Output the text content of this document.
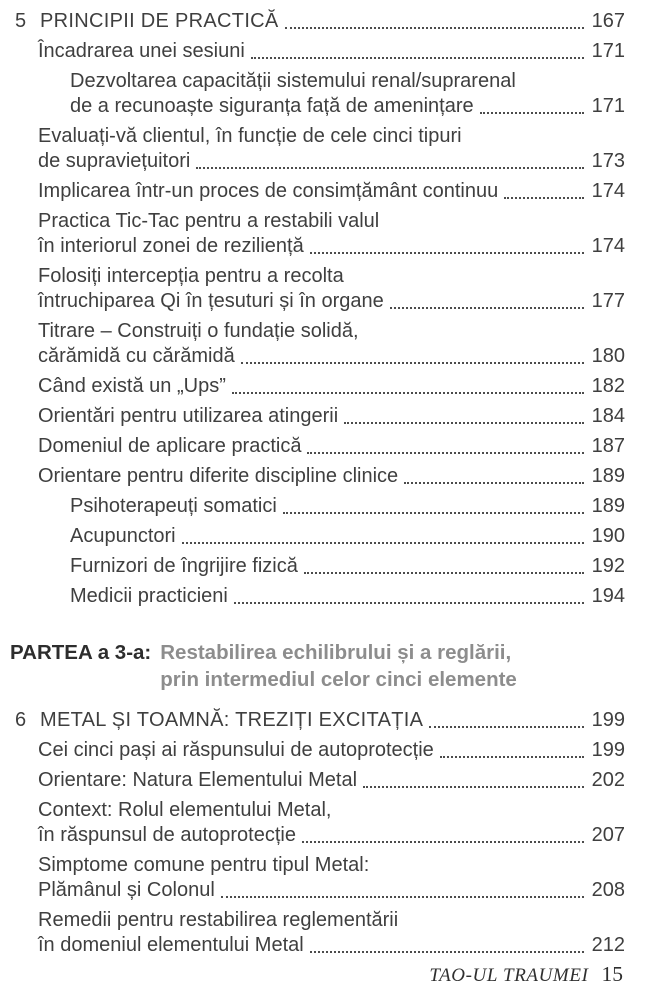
5 PRINCIPII DE PRACTICĂ	167
Încadrarea unei sesiuni	171
Dezvoltarea capacității sistemului renal/suprarenal
de a recunoaște siguranța față de amenințare	171
Evaluați-vă clientul, în funcție de cele cinci tipuri
de supraviețuitori	173
Implicarea într-un proces de consimțământ continuu	174
Practica Tic-Tac pentru a restabili valul
în interiorul zonei de reziliență	174
Folosiți intercepția pentru a recolta
întruchiparea Qi în țesuturi și în organe	177
Titrare – Construiți o fundație solidă,
cărămidă cu cărămidă	180
Când există un „Ups”	182
Orientări pentru utilizarea atingerii	184
Domeniul de aplicare practică	187
Orientare pentru diferite discipline clinice	189
Psihoterapeuți somatici	189
Acupunctori	190
Furnizori de îngrijire fizică	192
Medicii practicieni	194
PARTEA a 3-a: Restabilirea echilibrului și a reglării,
prin intermediul celor cinci elemente
6 METAL ȘI TOAMNĂ: TREZIȚI EXCITAȚIA	199
Cei cinci pași ai răspunsului de autoprotecție	199
Orientare: Natura Elementului Metal	202
Context: Rolul elementului Metal,
în răspunsul de autoprotecție	207
Simptome comune pentru tipul Metal:
Plămânul și Colonul	208
Remedii pentru restabilirea reglementării
în domeniul elementului Metal	212
TAO-UL TRAUMEI 15
